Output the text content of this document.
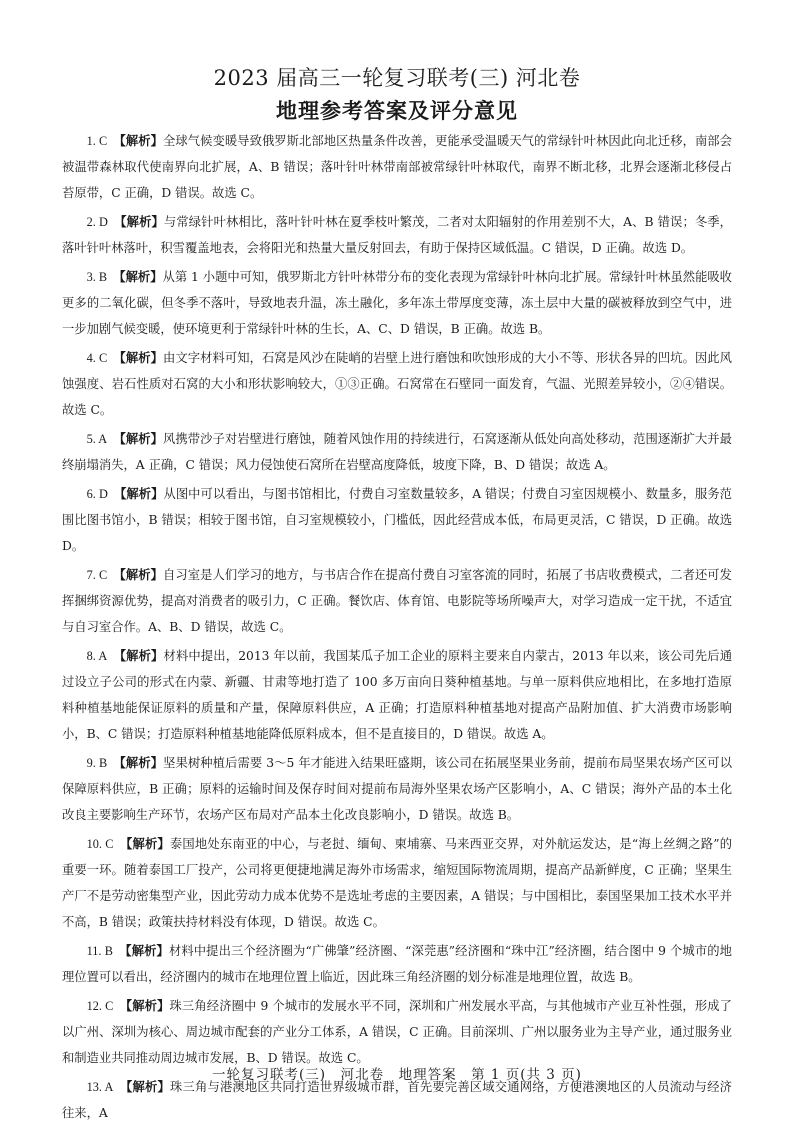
2023 届高三一轮复习联考(三) 河北卷
地理参考答案及评分意见

1. C　 【解析】全球气候变暖导致俄罗斯北部地区热量条件改善，更能承受温暖天气的常绿针叶林因此向北迁移，南部会被温带森林取代使南界向北扩展，A、B 错误；落叶针叶林带南部被常绿针叶林取代，南界不断北移，北界会逐渐北移侵占苔原带，C 正确，D 错误。故选 C。

2. D　 【解析】与常绿针叶林相比，落叶针叶林在夏季枝叶繁茂，二者对太阳辐射的作用差别不大，A、B 错误；冬季，落叶针叶林落叶，积雪覆盖地表，会将阳光和热量大量反射回去，有助于保持区域低温。C 错误，D 正确。故选 D。

3. B　 【解析】从第 1 小题中可知，俄罗斯北方针叶林带分布的变化表现为常绿针叶林向北扩展。常绿针叶林虽然能吸收更多的二氧化碳，但冬季不落叶，导致地表升温，冻土融化，多年冻土带厚度变薄，冻土层中大量的碳被释放到空气中，进一步加剧气候变暖，使环境更利于常绿针叶林的生长，A、C、D 错误，B 正确。故选 B。

4. C　 【解析】由文字材料可知，石窝是风沙在陡峭的岩壁上进行磨蚀和吹蚀形成的大小不等、形状各异的凹坑。因此风蚀强度、岩石性质对石窝的大小和形状影响较大，①③正确。石窝常在石壁同一面发育，气温、光照差异较小，②④错误。故选 C。

5. A　 【解析】风携带沙子对岩壁进行磨蚀，随着风蚀作用的持续进行，石窝逐渐从低处向高处移动，范围逐渐扩大并最终崩塌消失，A 正确，C 错误；风力侵蚀使石窝所在岩壁高度降低，坡度下降，B、D 错误；故选 A。

6. D　 【解析】从图中可以看出，与图书馆相比，付费自习室数量较多，A 错误；付费自习室因规模小、数量多，服务范围比图书馆小，B 错误；相较于图书馆，自习室规模较小，门槛低，因此经营成本低，布局更灵活，C 错误，D 正确。故选 D。

7. C　 【解析】自习室是人们学习的地方，与书店合作在提高付费自习室客流的同时，拓展了书店收费模式，二者还可发挥捆绑资源优势，提高对消费者的吸引力，C 正确。餐饮店、体育馆、电影院等场所噪声大，对学习造成一定干扰，不适宜与自习室合作。A、B、D 错误，故选 C。

8. A　 【解析】材料中提出，2013 年以前，我国某瓜子加工企业的原料主要来自内蒙古，2013 年以来，该公司先后通过设立子公司的形式在内蒙、新疆、甘肃等地打造了 100 多万亩向日葵种植基地。与单一原料供应地相比，在多地打造原料种植基地能保证原料的质量和产量，保障原料供应，A 正确；打造原料种植基地对提高产品附加值、扩大消费市场影响小，B、C 错误；打造原料种植基地能降低原料成本，但不是直接目的，D 错误。故选 A。

9. B　 【解析】坚果树种植后需要 3～5 年才能进入结果旺盛期，该公司在拓展坚果业务前，提前布局坚果农场产区可以保障原料供应，B 正确；原料的运输时间及保存时间对提前布局海外坚果农场产区影响小，A、C 错误；海外产品的本土化改良主要影响生产环节，农场产区布局对产品本土化改良影响小，D 错误。故选 B。

10. C　 【解析】泰国地处东南亚的中心，与老挝、缅甸、柬埔寨、马来西亚交界，对外航运发达，是“海上丝绸之路”的重要一环。随着泰国工厂投产，公司将更便捷地满足海外市场需求，缩短国际物流周期，提高产品新鲜度，C 正确；坚果生产厂不是劳动密集型产业，因此劳动力成本优势不是选址考虑的主要因素，A 错误；与中国相比，泰国坚果加工技术水平并不高，B 错误；政策扶持材料没有体现，D 错误。故选 C。

11. B　 【解析】材料中提出三个经济圈为“广佛肇”经济圈、“深莞惠”经济圈和“珠中江”经济圈，结合图中 9 个城市的地理位置可以看出，经济圈内的城市在地理位置上临近，因此珠三角经济圈的划分标准是地理位置，故选 B。

12. C　 【解析】珠三角经济圈中 9 个城市的发展水平不同，深圳和广州发展水平高，与其他城市产业互补性强，形成了以广州、深圳为核心、周边城市配套的产业分工体系，A 错误，C 正确。目前深圳、广州以服务业为主导产业，通过服务业和制造业共同推动周边城市发展，B、D 错误。故选 C。

13. A　 【解析】珠三角与港澳地区共同打造世界级城市群，首先要完善区域交通网络，方便港澳地区的人员流动与经济往来，A

一轮复习联考(三)　河北卷　地理答案　第 1 页(共 3 页)
